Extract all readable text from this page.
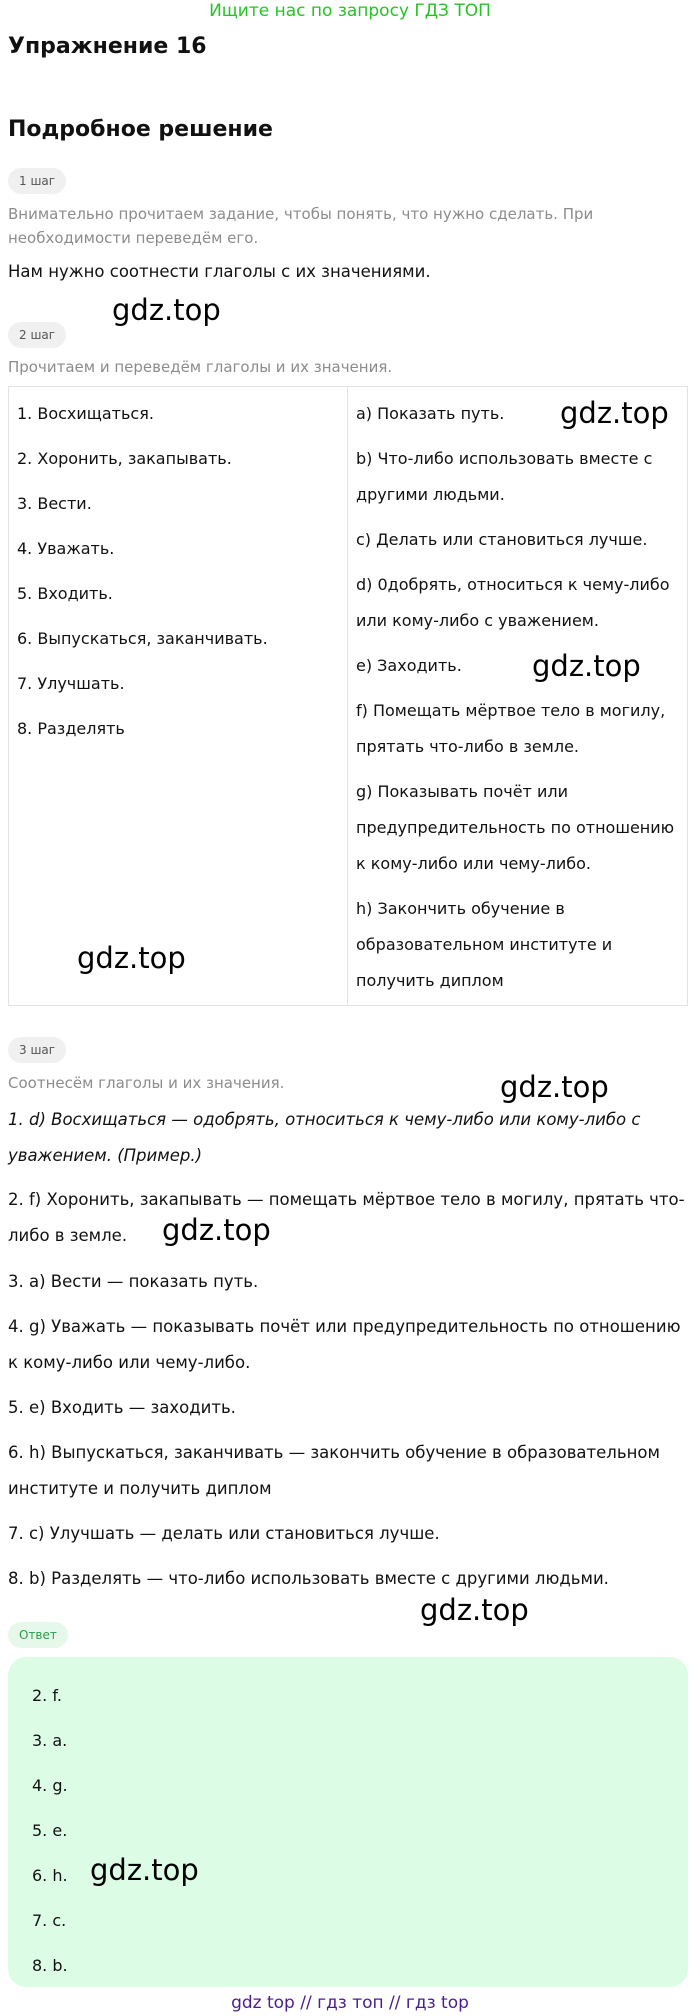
Ищите нас по запросу ГДЗ ТОП
Упражнение 16
Подробное решение
1 шаг
Внимательно прочитаем задание, чтобы понять, что нужно сделать. При необходимости переведём его.
Нам нужно соотнести глаголы с их значениями.
2 шаг
Прочитаем и переведём глаголы и их значения.
1. Восхищаться.
2. Хоронить, закапывать.
3. Вести.
4. Уважать.
5. Входить.
6. Выпускаться, заканчивать.
7. Улучшать.
8. Разделять
a) Показать путь.
b) Что-либо использовать вместе с другими людьми.
c) Делать или становиться лучше.
d) 0добрять, относиться к чему-либо или кому-либо с уважением.
e) Заходить.
f) Помещать мёртвое тело в могилу, прятать что-либо в земле.
g) Показывать почёт или предупредительность по отношению к кому-либо или чему-либо.
h) Закончить обучение в образовательном институте и получить диплом
3 шаг
Соотнесём глаголы и их значения.
1. d) Восхищаться — одобрять, относиться к чему-либо или кому-либо с уважением. (Пример.)
2. f) Хоронить, закапывать — помещать мёртвое тело в могилу, прятать что-либо в земле.
3. a) Вести — показать путь.
4. g) Уважать — показывать почёт или предупредительность по отношению к кому-либо или чему-либо.
5. e) Входить — заходить.
6. h) Выпускаться, заканчивать — закончить обучение в образовательном институте и получить диплом
7. c) Улучшать — делать или становиться лучше.
8. b) Разделять — что-либо использовать вместе с другими людьми.
Ответ
2. f.
3. a.
4. g.
5. e.
6. h.
7. c.
8. b.
gdz.top
gdz.top
gdz.top
gdz.top
gdz.top
gdz.top
gdz.top
gdz.top
gdz top // гдз топ // гдз top
